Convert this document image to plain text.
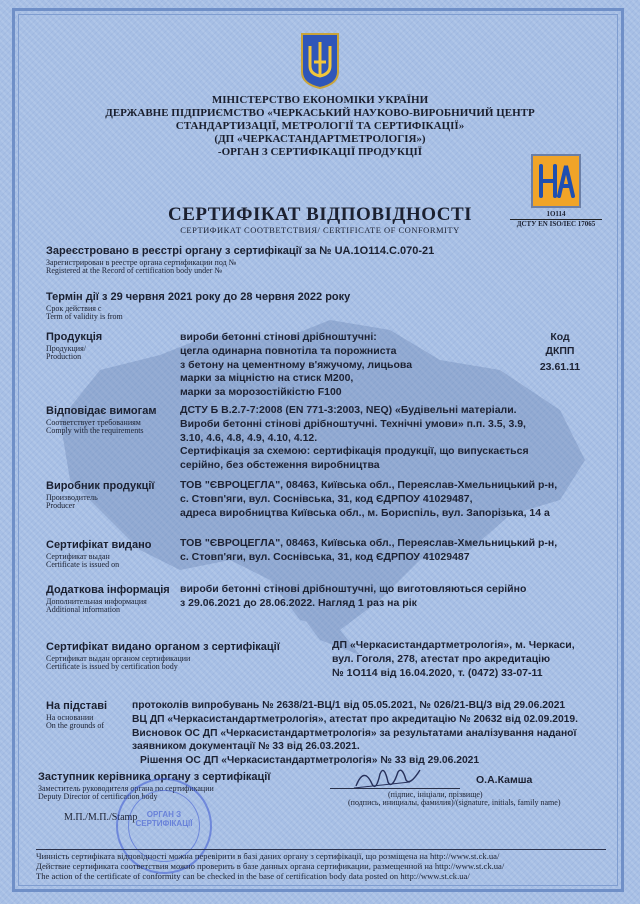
МІНІСТЕРСТВО ЕКОНОМІКИ УКРАЇНИ
ДЕРЖАВНЕ ПІДПРИЄМСТВО «ЧЕРКАСЬКИЙ НАУКОВО-ВИРОБНИЧИЙ ЦЕНТР
СТАНДАРТИЗАЦІЇ, МЕТРОЛОГІЇ ТА СЕРТИФІКАЦІЇ»
(ДП «ЧЕРКАСТАНДАРТМЕТРОЛОГІЯ»)
-ОРГАН З СЕРТИФІКАЦІЇ ПРОДУКЦІЇ
1О114
ДСТУ EN ISO/IEC 17065
СЕРТИФІКАТ ВІДПОВІДНОСТІ
СЕРТИФИКАТ СООТВЕТСТВИЯ/ CERTIFICATE OF CONFORMITY
Зареєстровано в реєстрі органу з сертифікації за № UA.1О114.С.070-21
Зарегистрирован в реестре органа сертификации под №
Registered at the Record of certification body under №
Термін дії з 29 червня 2021 року до 28 червня 2022 року
Срок действия с
Term of validity is from
Продукція
Продукция/
Production
вироби бетонні стінові дрібноштучні:
цегла одинарна повнотіла та порожниста
з бетону на цементному в'яжучому, лицьова
марки за міцністю на стиск М200,
марки за морозостійкістю F100
Код
ДКПП
23.61.11
Відповідає вимогам
Соответствует требованиям
Comply with the requirements
ДСТУ Б В.2.7-7:2008 (EN 771-3:2003, NEQ) «Будівельні матеріали.
Вироби бетонні стінові дрібноштучні. Технічні умови» п.п. 3.5, 3.9,
3.10, 4.6, 4.8, 4.9, 4.10, 4.12.
Сертифікація за схемою: сертифікація продукції, що випускається
серійно, без обстеження виробництва
Виробник продукції
Производитель
Producer
ТОВ "ЄВРОЦЕГЛА", 08463, Київська обл., Переяслав-Хмельницький р-н,
с. Стовп'яги, вул. Соснівська, 31, код ЄДРПОУ 41029487,
адреса виробництва Київська обл., м. Бориспіль, вул. Запорізька, 14 а
Сертифікат видано
Сертификат выдан
Certificate is issued on
ТОВ "ЄВРОЦЕГЛА", 08463, Київська обл., Переяслав-Хмельницький р-н,
с. Стовп'яги, вул. Соснівська, 31, код ЄДРПОУ 41029487
Додаткова інформація
Дополнительная информация
Additional information
вироби бетонні стінові дрібноштучні, що виготовляються серійно
з 29.06.2021 до 28.06.2022. Нагляд 1 раз на рік
Сертифікат видано органом з сертифікації
Сертификат выдан органом сертификации
Certificate is issued by certification body
ДП «Черкасистандартметрологія», м. Черкаси,
вул. Гоголя, 278, атестат про акредитацію
№ 1О114 від 16.04.2020, т. (0472) 33-07-11
На підставі
На основании
On the grounds of
протоколів випробувань № 2638/21-ВЦ/1 від 05.05.2021, № 026/21-ВЦ/3 від 29.06.2021
ВЦ ДП «Черкасистандартметрологія», атестат про акредитацію № 20632 від 02.09.2019.
Висновок ОС ДП «Черкасистандартметрологія» за результатами аналізування наданої
заявником документації № 33 від 26.03.2021.
Рішення ОС ДП «Черкасистандартметрологія» № 33 від 29.06.2021
Заступник керівника органу з сертифікації
Заместитель руководителя органа по сертификации
Deputy Director of certification body
О.А.Камша
(підпис, ініціали, прізвище)
(подпись, инициалы, фамилия)/(signature, initials, family name)
М.П./М.П./Stamp	ОРГАН З
СЕРТИФІКАЦІЇ
Чинність сертифіката відповідності можна перевірити в базі даних органу з сертифікації, що розміщена на http://www.st.ck.ua/
Действие сертификата соответствия можно проверить в базе данных органа сертификации, размещенной на http://www.st.ck.ua/
The action of the certificate of conformity can be checked in the base of certification body data posted on http://www.st.ck.ua/
